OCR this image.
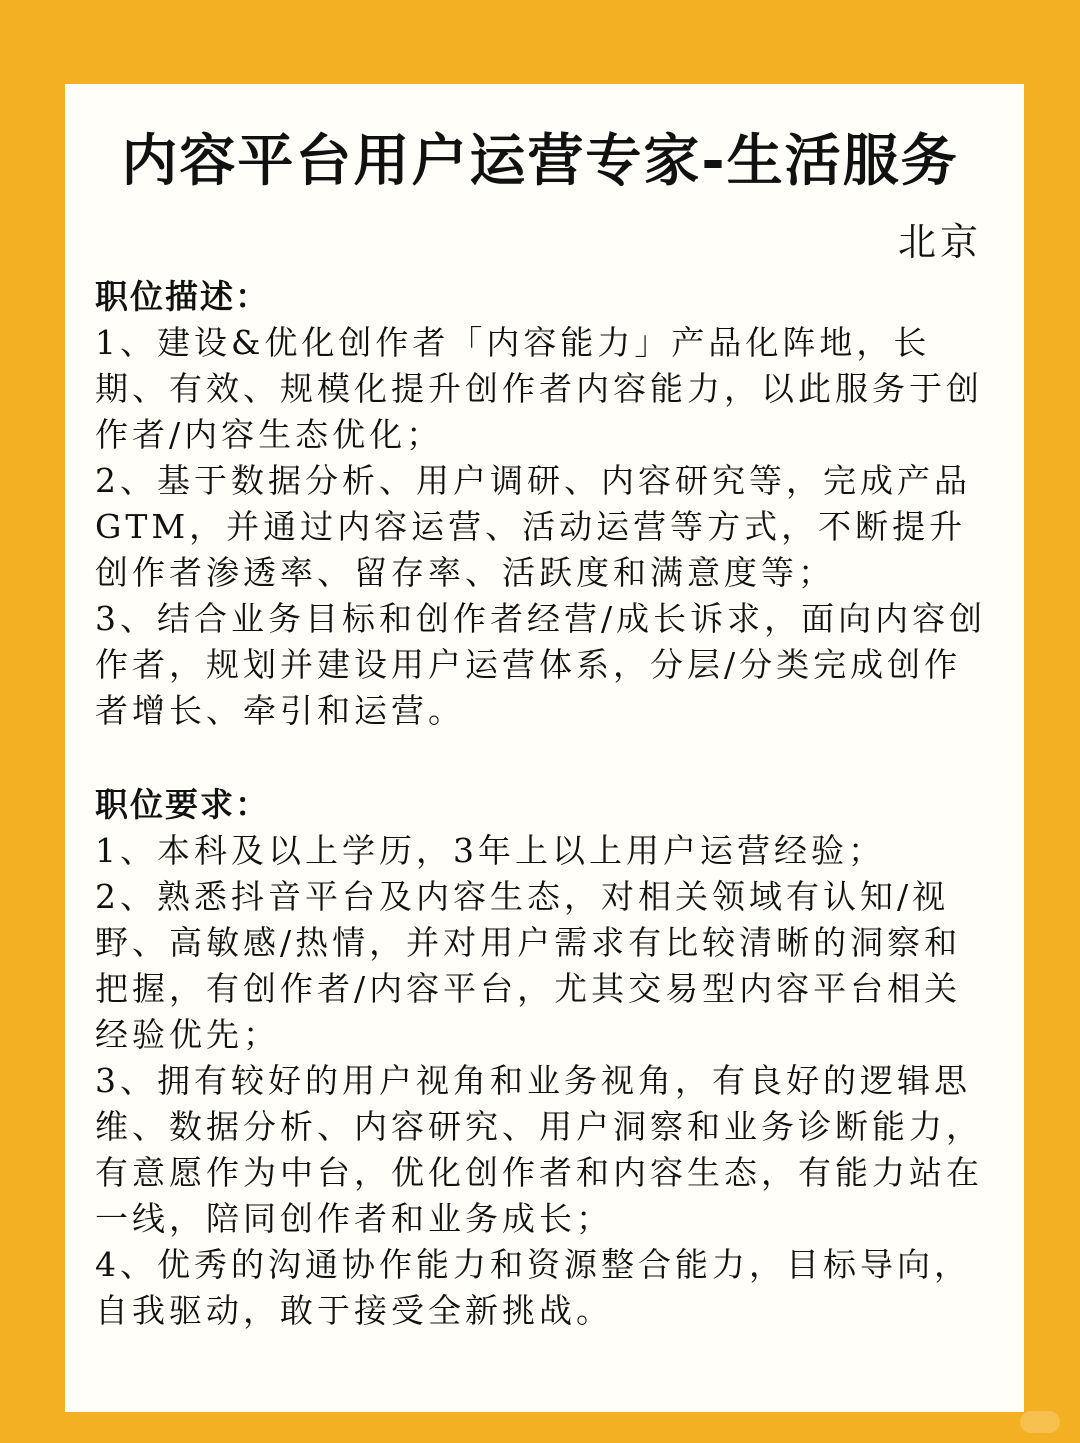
内容平台用户运营专家-生活服务
北京

职位描述：

1、建设&优化创作者「内容能力」产品化阵地，长期、有效、规模化提升创作者内容能力，以此服务于创作者/内容生态优化；

2、基于数据分析、用户调研、内容研究等，完成产品GTM，并通过内容运营、活动运营等方式，不断提升创作者渗透率、留存率、活跃度和满意度等；

3、结合业务目标和创作者经营/成长诉求，面向内容创作者，规划并建设用户运营体系，分层/分类完成创作者增长、牵引和运营。

职位要求：

1、本科及以上学历，3年上以上用户运营经验；

2、熟悉抖音平台及内容生态，对相关领域有认知/视野、高敏感/热情，并对用户需求有比较清晰的洞察和把握，有创作者/内容平台，尤其交易型内容平台相关经验优先；

3、拥有较好的用户视角和业务视角，有良好的逻辑思维、数据分析、内容研究、用户洞察和业务诊断能力，有意愿作为中台，优化创作者和内容生态，有能力站在一线，陪同创作者和业务成长；

4、优秀的沟通协作能力和资源整合能力，目标导向，自我驱动，敢于接受全新挑战。
